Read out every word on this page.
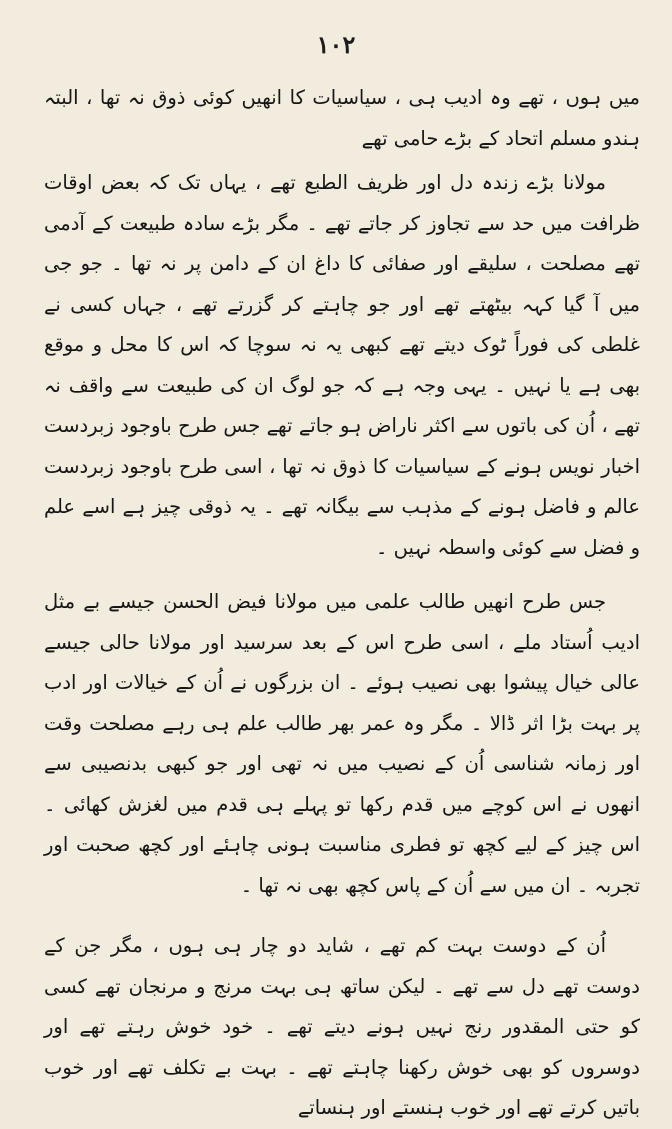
۱۰۲

میں ہوں ، تھے وہ ادیب ہی ، سیاسیات کا انھیں کوئی ذوق نہ تھا ، البتہ ہندو مسلم اتحاد کے بڑے حامی تھے

مولانا بڑے زندہ دل اور ظریف الطبع تھے ، یہاں تک کہ بعض اوقات ظرافت میں حد سے تجاوز کر جاتے تھے ۔ مگر بڑے سادہ طبیعت کے آدمی تھے مصلحت ، سلیقے اور صفائی کا داغ ان کے دامن پر نہ تھا ۔ جو جی میں آ گیا کہہ بیٹھتے تھے اور جو چاہتے کر گزرتے تھے ، جہاں کسی نے غلطی کی فوراً ٹوک دیتے تھے کبھی یہ نہ سوچا کہ اس کا محل و موقع بھی ہے یا نہیں ۔ یہی وجہ ہے کہ جو لوگ ان کی طبیعت سے واقف نہ تھے ، اُن کی باتوں سے اکثر ناراض ہو جاتے تھے جس طرح باوجود زبردست اخبار نویس ہونے کے سیاسیات کا ذوق نہ تھا ، اسی طرح باوجود زبردست عالم و فاضل ہونے کے مذہب سے بیگانہ تھے ۔ یہ ذوقی چیز ہے اسے علم و فضل سے کوئی واسطہ نہیں ۔

جس طرح انھیں طالب علمی میں مولانا فیض الحسن جیسے بے مثل ادیب اُستاد ملے ، اسی طرح اس کے بعد سرسید اور مولانا حالی جیسے عالی خیال پیشوا بھی نصیب ہوئے ۔ ان بزرگوں نے اُن کے خیالات اور ادب پر بہت بڑا اثر ڈالا ۔ مگر وہ عمر بھر طالب علم ہی رہے مصلحت وقت اور زمانہ شناسی اُن کے نصیب میں نہ تھی اور جو کبھی بدنصیبی سے انھوں نے اس کوچے میں قدم رکھا تو پہلے ہی قدم میں لغزش کھائی ۔ اس چیز کے لیے کچھ تو فطری مناسبت ہونی چاہئے اور کچھ صحبت اور تجربہ ۔ ان میں سے اُن کے پاس کچھ بھی نہ تھا ۔

اُن کے دوست بہت کم تھے ، شاید دو چار ہی ہوں ، مگر جن کے دوست تھے دل سے تھے ۔ لیکن ساتھ ہی بہت مرنج و مرنجان تھے کسی کو حتی المقدور رنج نہیں ہونے دیتے تھے ۔ خود خوش رہتے تھے اور دوسروں کو بھی خوش رکھنا چاہتے تھے ۔ بہت بے تکلف تھے اور خوب باتیں کرتے تھے اور خوب ہنستے اور ہنساتے
